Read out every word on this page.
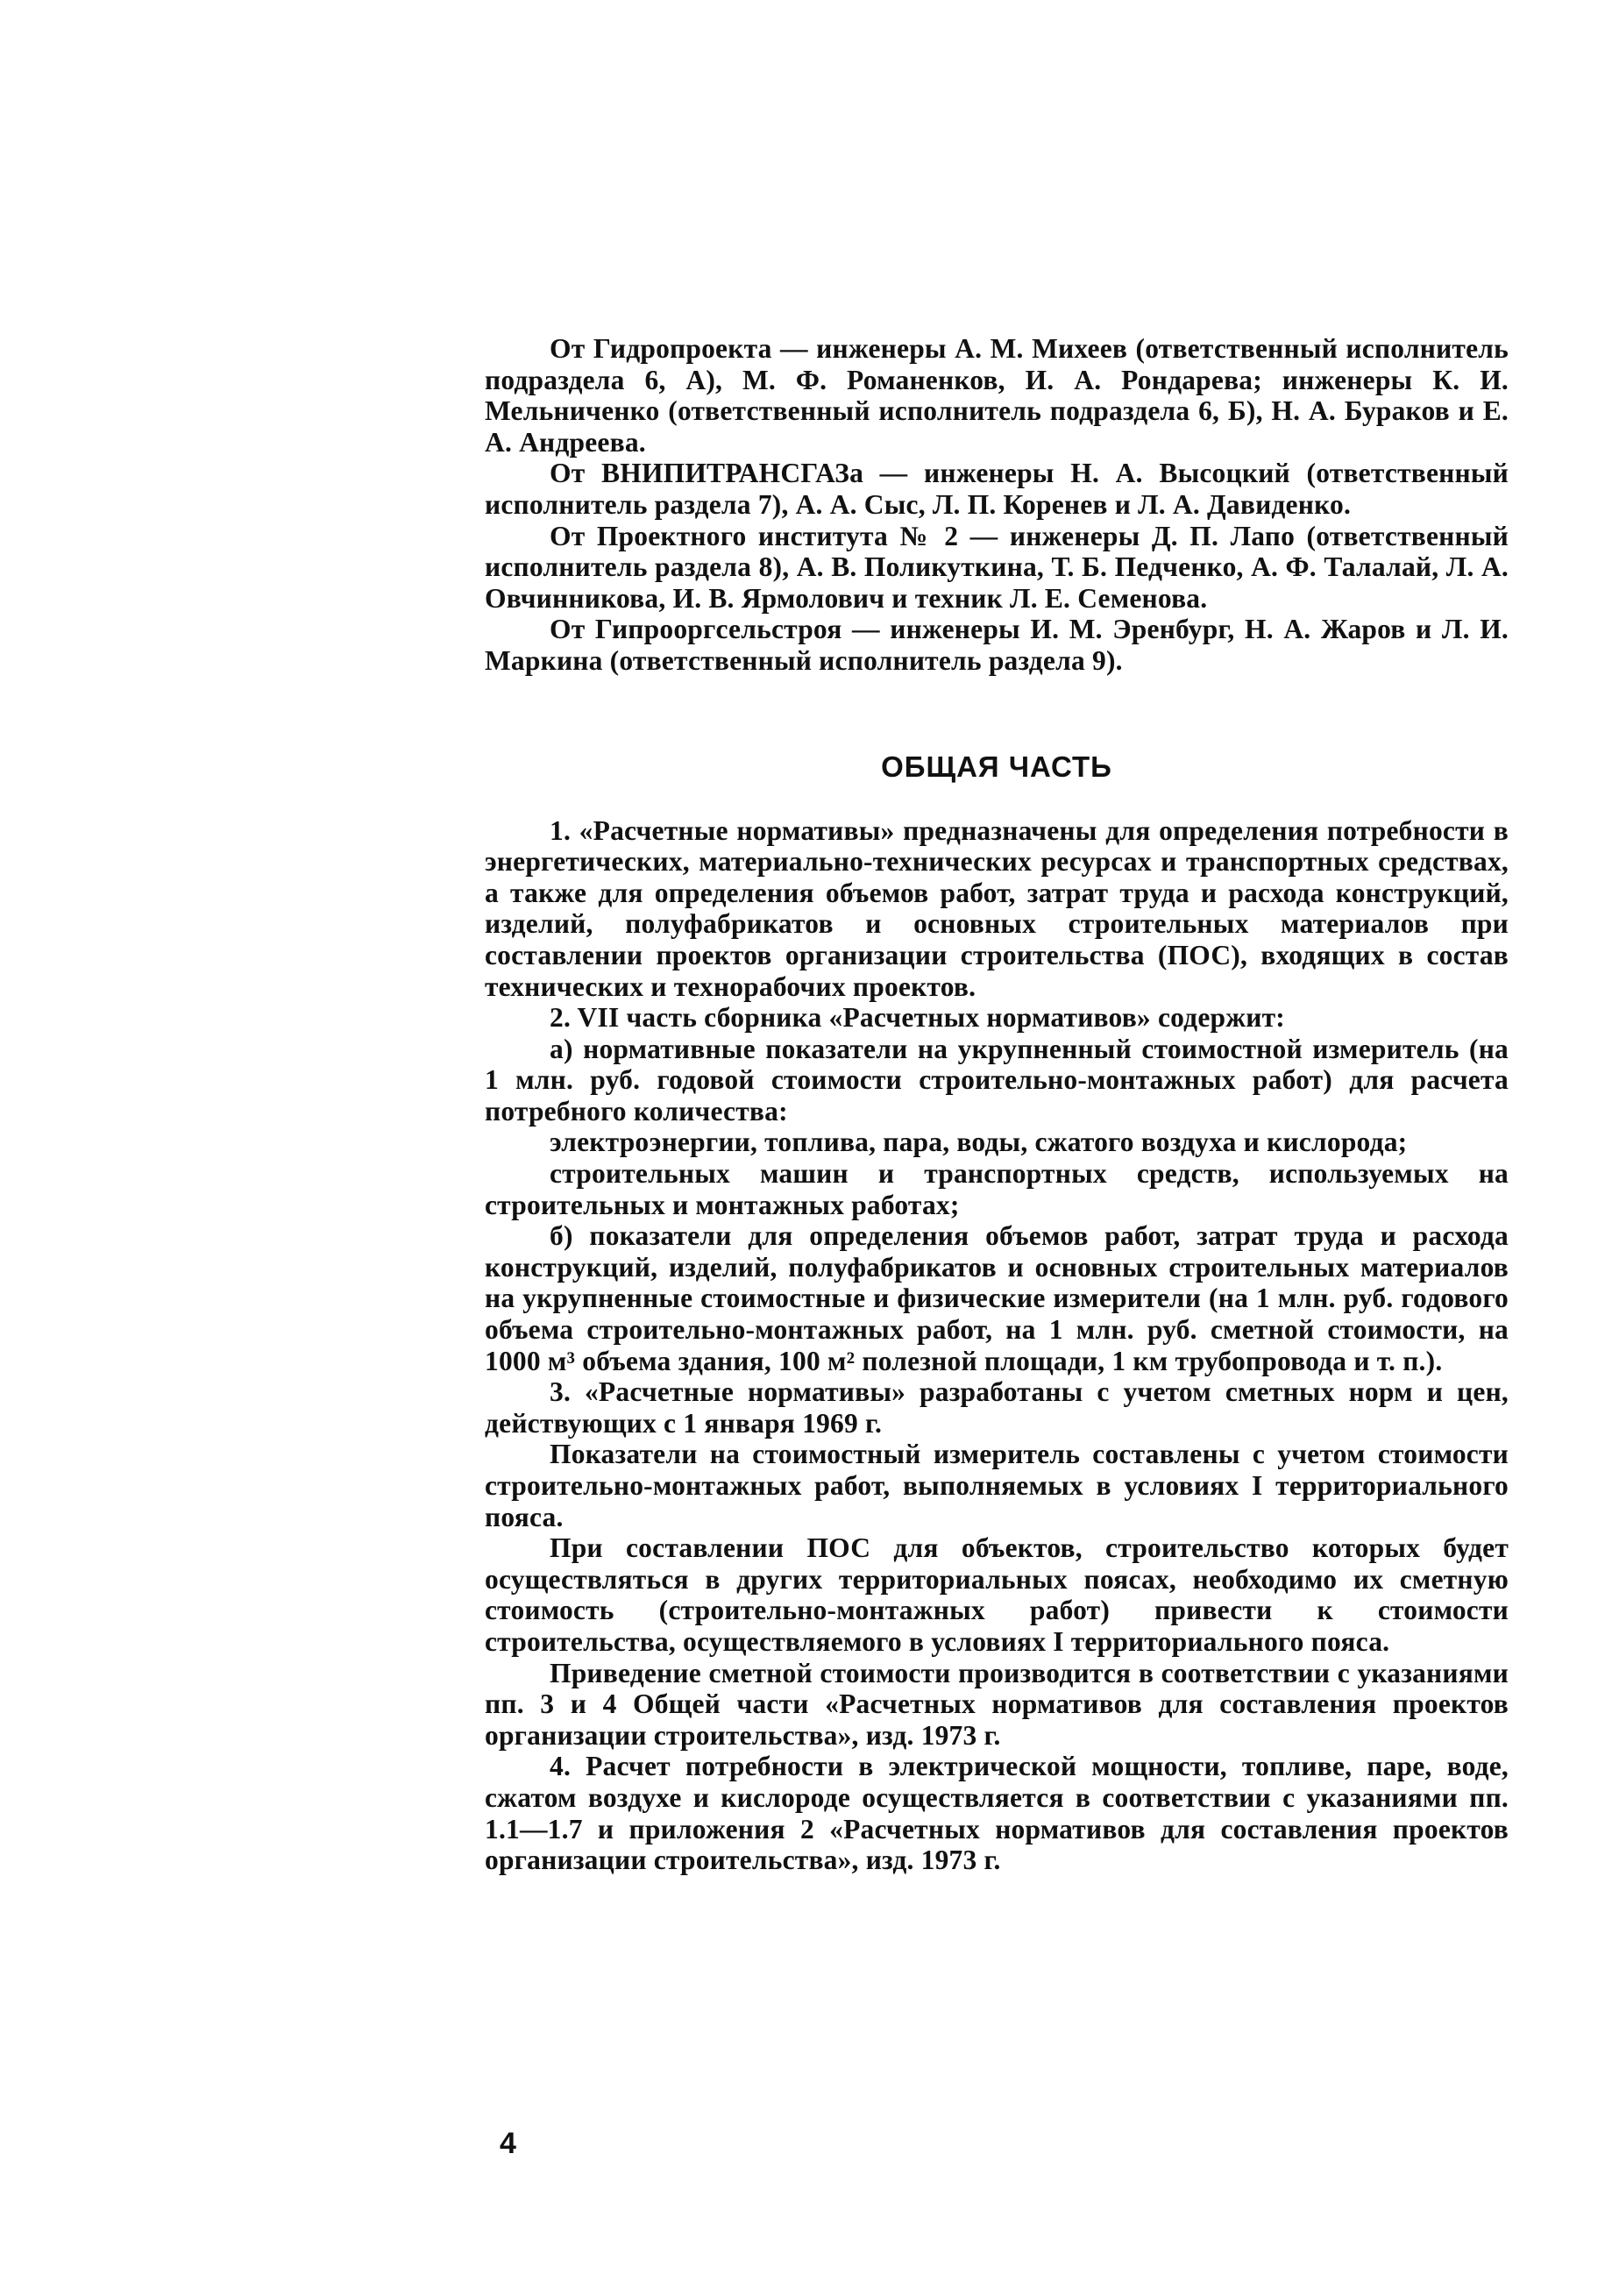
От Гидропроекта — инженеры А. М. Михеев (ответственный исполнитель подраздела 6, А), М. Ф. Романенков, И. А. Рондарева; инженеры К. И. Мельниченко (ответственный исполнитель подраздела 6, Б), Н. А. Бураков и Е. А. Андреева.

От ВНИПИТРАНСГАЗа — инженеры Н. А. Высоцкий (ответственный исполнитель раздела 7), А. А. Сыс, Л. П. Коренев и Л. А. Давиденко.

От Проектного института № 2 — инженеры Д. П. Лапо (ответственный исполнитель раздела 8), А. В. Поликуткина, Т. Б. Педченко, А. Ф. Талалай, Л. А. Овчинникова, И. В. Ярмолович и техник Л. Е. Семенова.

От Гипрооргсельстроя — инженеры И. М. Эренбург, Н. А. Жаров и Л. И. Маркина (ответственный исполнитель раздела 9).

ОБЩАЯ ЧАСТЬ

1. «Расчетные нормативы» предназначены для определения потребности в энергетических, материально-технических ресурсах и транспортных средствах, а также для определения объемов работ, затрат труда и расхода конструкций, изделий, полуфабрикатов и основных строительных материалов при составлении проектов организации строительства (ПОС), входящих в состав технических и технорабочих проектов.

2. VII часть сборника «Расчетных нормативов» содержит:

а) нормативные показатели на укрупненный стоимостной измеритель (на 1 млн. руб. годовой стоимости строительно-монтажных работ) для расчета потребного количества:

электроэнергии, топлива, пара, воды, сжатого воздуха и кислорода;

строительных машин и транспортных средств, используемых на строительных и монтажных работах;

б) показатели для определения объемов работ, затрат труда и расхода конструкций, изделий, полуфабрикатов и основных строительных материалов на укрупненные стоимостные и физические измерители (на 1 млн. руб. годового объема строительно-монтажных работ, на 1 млн. руб. сметной стоимости, на 1000 м³ объема здания, 100 м² полезной площади, 1 км трубопровода и т. п.).

3. «Расчетные нормативы» разработаны с учетом сметных норм и цен, действующих с 1 января 1969 г.

Показатели на стоимостный измеритель составлены с учетом стоимости строительно-монтажных работ, выполняемых в условиях I территориального пояса.

При составлении ПОС для объектов, строительство которых будет осуществляться в других территориальных поясах, необходимо их сметную стоимость (строительно-монтажных работ) привести к стоимости строительства, осуществляемого в условиях I территориального пояса.

Приведение сметной стоимости производится в соответствии с указаниями пп. 3 и 4 Общей части «Расчетных нормативов для составления проектов организации строительства», изд. 1973 г.

4. Расчет потребности в электрической мощности, топливе, паре, воде, сжатом воздухе и кислороде осуществляется в соответствии с указаниями пп. 1.1—1.7 и приложения 2 «Расчетных нормативов для составления проектов организации строительства», изд. 1973 г.

4
